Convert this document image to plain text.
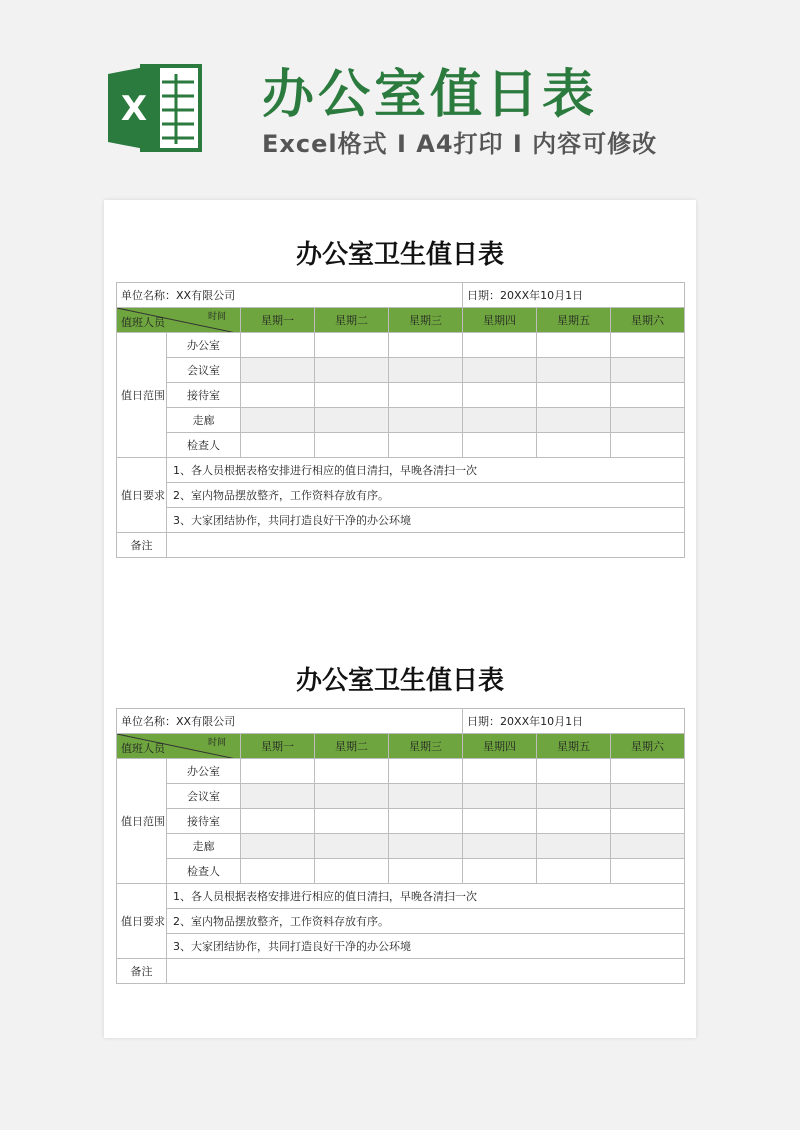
X 办公室值日表
Excel格式 I A4打印 I 内容可修改
办公室卫生值日表
单位名称：XX有限公司					日期：20XX年10月1日		

时间
值班人员		星期一	星期二	星期三	星期四	星期五	星期六
值日范围	办公室						
	会议室						
	接待室						
	走廊						
	检查人						
值日要求	1、各人员根据表格安排进行相应的值日清扫，早晚各清扫一次						
	2、室内物品摆放整齐，工作资料存放有序。						
	3、大家团结协作，共同打造良好干净的办公环境						
备注							
办公室卫生值日表
单位名称：XX有限公司					日期：20XX年10月1日		

时间
值班人员		星期一	星期二	星期三	星期四	星期五	星期六
值日范围	办公室						
	会议室						
	接待室						
	走廊						
	检查人						
值日要求	1、各人员根据表格安排进行相应的值日清扫，早晚各清扫一次						
	2、室内物品摆放整齐，工作资料存放有序。						
	3、大家团结协作，共同打造良好干净的办公环境						
备注							
